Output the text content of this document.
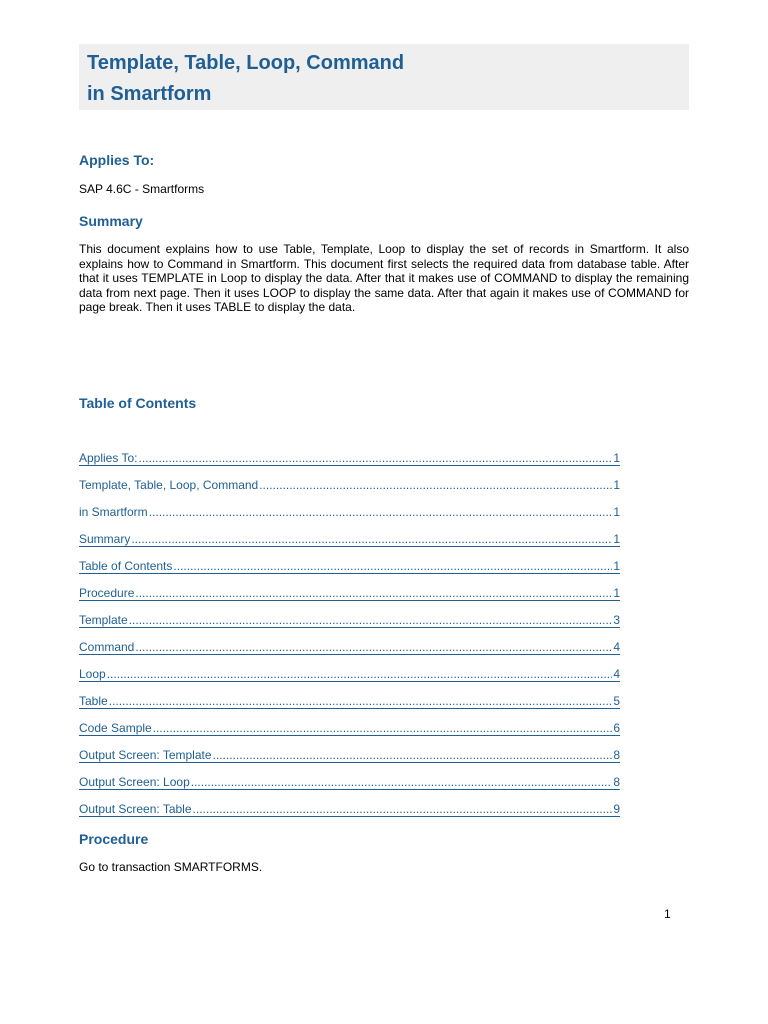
Template, Table, Loop, Command
in Smartform
Applies To:
SAP 4.6C - Smartforms
Summary
This document explains how to use Table, Template, Loop to display the set of records in Smartform. It also explains how to Command in Smartform. This document first selects the required data from database table. After that it uses TEMPLATE in Loop to display the data. After that it makes use of COMMAND to display the remaining data from next page. Then it uses LOOP to display the same data. After that again it makes use of COMMAND for page break. Then it uses TABLE to display the data.
Table of Contents
Applies To: .....	1
Template, Table, Loop, Command .....	1
in Smartform .....	1
Summary .....	1
Table of Contents .....	1
Procedure .....	1
Template .....	3
Command .....	4
Loop .....	4
Table .....	5
Code Sample .....	6
Output Screen: Template .....	8
Output Screen: Loop .....	8
Output Screen: Table .....	9
Procedure
Go to transaction SMARTFORMS.
1
